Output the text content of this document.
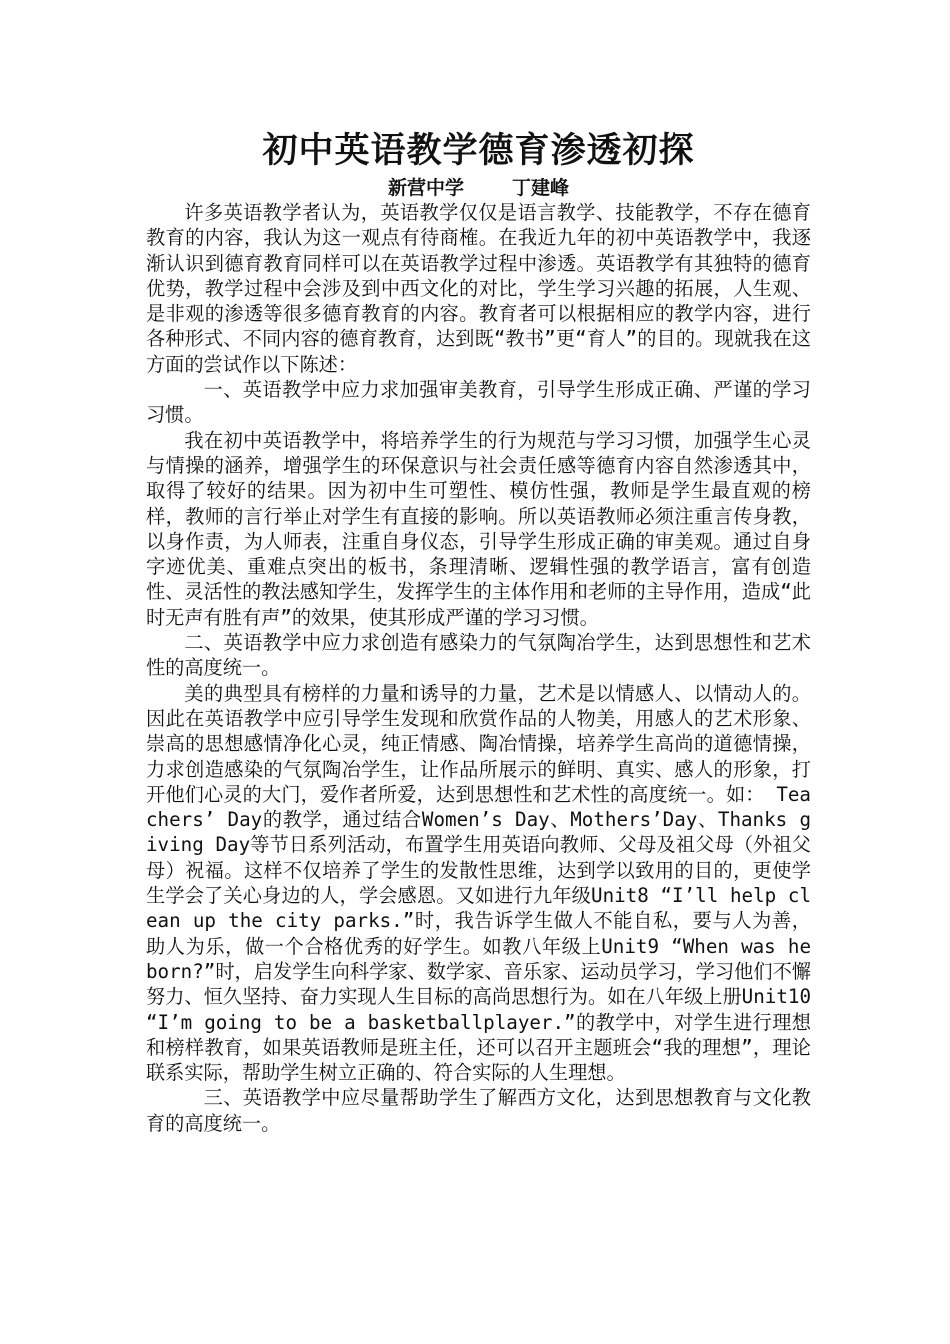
初中英语教学德育渗透初探

新营中学	丁建峰

许多英语教学者认为，英语教学仅仅是语言教学、技能教学，不存在德育教育的内容，我认为这一观点有待商榷。在我近九年的初中英语教学中，我逐渐认识到德育教育同样可以在英语教学过程中渗透。英语教学有其独特的德育优势，教学过程中会涉及到中西文化的对比，学生学习兴趣的拓展，人生观、是非观的渗透等很多德育教育的内容。教育者可以根据相应的教学内容，进行各种形式、不同内容的德育教育，达到既“教书”更“育人”的目的。现就我在这方面的尝试作以下陈述：

一、英语教学中应力求加强审美教育，引导学生形成正确、严谨的学习习惯。

我在初中英语教学中，将培养学生的行为规范与学习习惯，加强学生心灵与情操的涵养，增强学生的环保意识与社会责任感等德育内容自然渗透其中，取得了较好的结果。因为初中生可塑性、模仿性强，教师是学生最直观的榜样，教师的言行举止对学生有直接的影响。所以英语教师必须注重言传身教，以身作责，为人师表，注重自身仪态，引导学生形成正确的审美观。通过自身字迹优美、重难点突出的板书，条理清晰、逻辑性强的教学语言，富有创造性、灵活性的教法感知学生，发挥学生的主体作用和老师的主导作用，造成“此时无声有胜有声”的效果，使其形成严谨的学习习惯。

二、英语教学中应力求创造有感染力的气氛陶冶学生，达到思想性和艺术性的高度统一。

美的典型具有榜样的力量和诱导的力量，艺术是以情感人、以情动人的。因此在英语教学中应引导学生发现和欣赏作品的人物美，用感人的艺术形象、崇高的思想感情净化心灵，纯正情感、陶冶情操，培养学生高尚的道德情操，力求创造感染的气氛陶冶学生，让作品所展示的鲜明、真实、感人的形象，打开他们心灵的大门，爱作者所爱，达到思想性和艺术性的高度统一。如： Teachers’ Day的教学，通过结合Women’s Day、Mothers’Day、Thanks giving Day等节日系列活动，布置学生用英语向教师、父母及祖父母（外祖父母）祝福。这样不仅培养了学生的发散性思维，达到学以致用的目的，更使学生学会了关心身边的人，学会感恩。又如进行九年级Unit8 “I’ll help clean up the city parks.”时，我告诉学生做人不能自私，要与人为善，助人为乐，做一个合格优秀的好学生。如教八年级上Unit9 “When was he born?”时，启发学生向科学家、数学家、音乐家、运动员学习，学习他们不懈努力、恒久坚持、奋力实现人生目标的高尚思想行为。如在八年级上册Unit10 “I’m going to be a basketballplayer.”的教学中，对学生进行理想和榜样教育，如果英语教师是班主任，还可以召开主题班会“我的理想”，理论联系实际，帮助学生树立正确的、符合实际的人生理想。

三、英语教学中应尽量帮助学生了解西方文化，达到思想教育与文化教育的高度统一。
